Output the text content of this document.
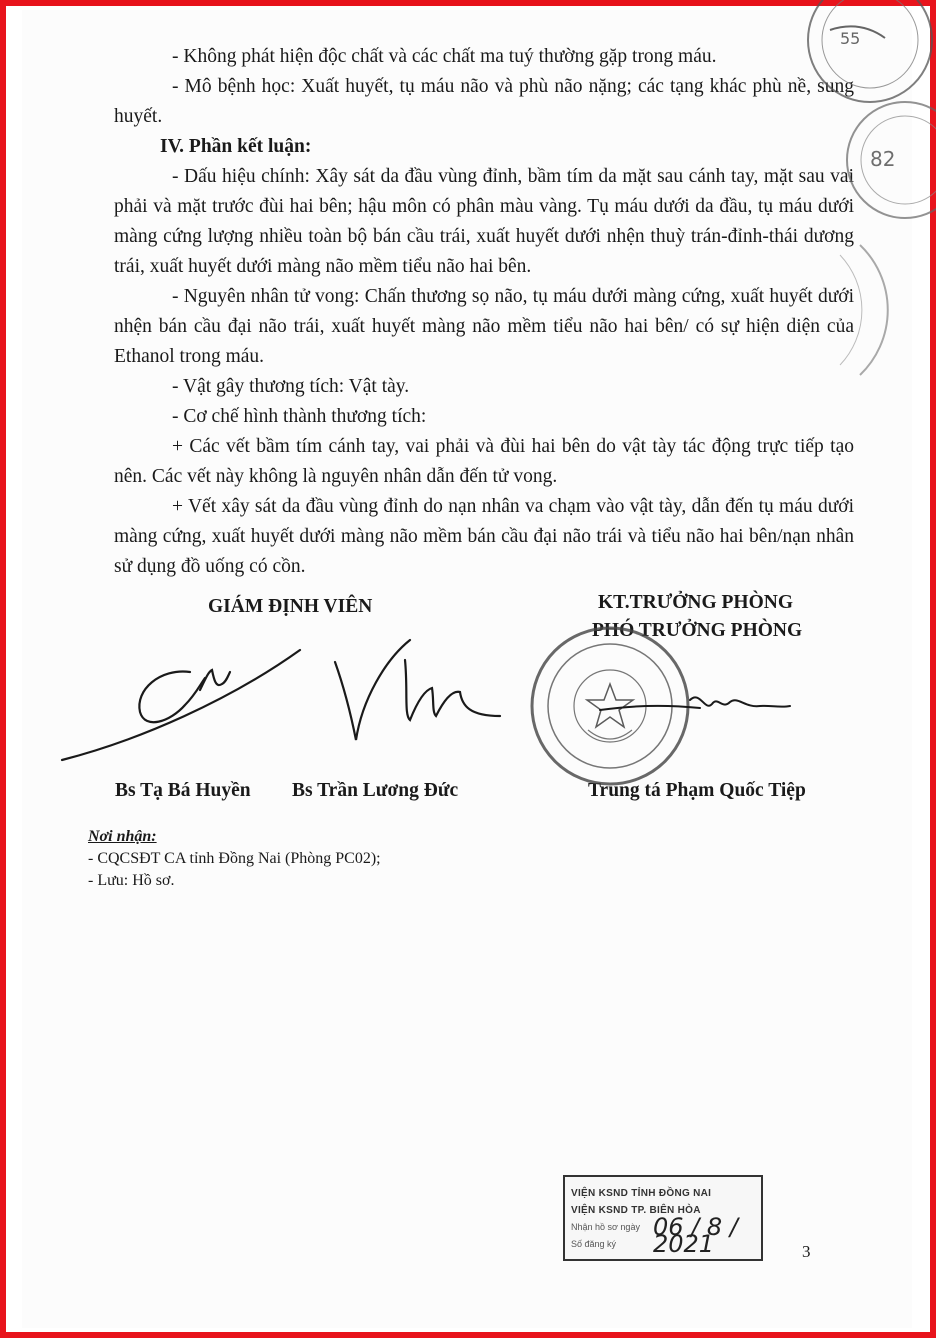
- Không phát hiện độc chất và các chất ma tuý thường gặp trong máu.

- Mô bệnh học: Xuất huyết, tụ máu não và phù não nặng; các tạng khác phù nề, sung huyết.

IV. Phần kết luận:

- Dấu hiệu chính: Xây sát da đầu vùng đỉnh, bầm tím da mặt sau cánh tay, mặt sau vai phải và mặt trước đùi hai bên; hậu môn có phân màu vàng. Tụ máu dưới da đầu, tụ máu dưới màng cứng lượng nhiều toàn bộ bán cầu trái, xuất huyết dưới nhện thuỳ trán-đỉnh-thái dương trái, xuất huyết dưới màng não mềm tiểu não hai bên.

- Nguyên nhân tử vong: Chấn thương sọ não, tụ máu dưới màng cứng, xuất huyết dưới nhện bán cầu đại não trái, xuất huyết màng não mềm tiểu não hai bên/ có sự hiện diện của Ethanol trong máu.

- Vật gây thương tích: Vật tày.

- Cơ chế hình thành thương tích:

+ Các vết bầm tím cánh tay, vai phải và đùi hai bên do vật tày tác động trực tiếp tạo nên. Các vết này không là nguyên nhân dẫn đến tử vong.

+ Vết xây sát da đầu vùng đỉnh do nạn nhân va chạm vào vật tày, dẫn đến tụ máu dưới màng cứng, xuất huyết dưới màng não mềm bán cầu đại não trái và tiểu não hai bên/nạn nhân sử dụng đồ uống có cồn.

GIÁM ĐỊNH VIÊN	KT.TRƯỞNG PHÒNG
PHÓ TRƯỞNG PHÒNG
Bs Tạ Bá Huyền Bs Trần Lương Đức	Trung tá Phạm Quốc Tiệp
Nơi nhận:
- CQCSĐT CA tỉnh Đồng Nai (Phòng PC02);
- Lưu: Hồ sơ.
VIỆN KSND TỈNH ĐỒNG NAI
VIỆN KSND TP. BIÊN HÒA
Nhận hồ sơ ngày
Số đăng ký
06 / 8 / 2021	3
55
82
